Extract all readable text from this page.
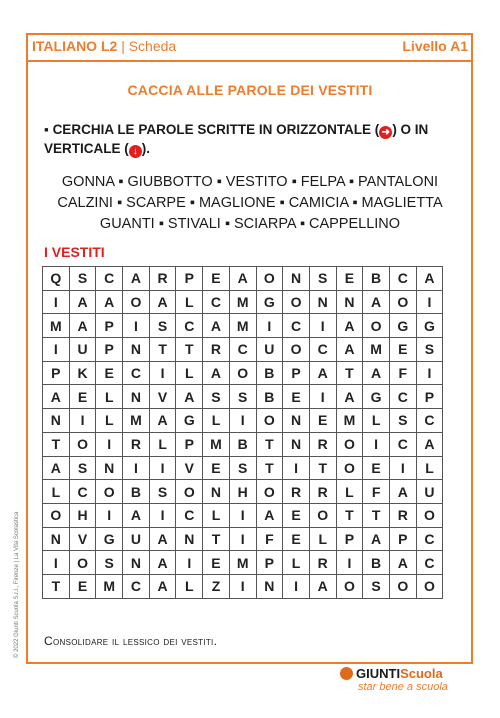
ITALIANO L2 | Scheda	Livello A1
CACCIA ALLE PAROLE DEI VESTITI
▪ CERCHIA LE PAROLE SCRITTE IN ORIZZONTALE ( ➜ ) O IN VERTICALE ( ↓ ).
GONNA ▪ GIUBBOTTO ▪ VESTITO ▪ FELPA ▪ PANTALONI
CALZINI ▪ SCARPE ▪ MAGLIONE ▪ CAMICIA ▪ MAGLIETTA
GUANTI ▪ STIVALI ▪ SCIARPA ▪ CAPPELLINO
I VESTITI
Q	S	C	A	R	P	E	A	O	N	S	E	B	C	A
I	A	A	O	A	L	C	M	G	O	N	N	A	O	I
M	A	P	I	S	C	A	M	I	C	I	A	O	G	G
I	U	P	N	T	T	R	C	U	O	C	A	M	E	S
P	K	E	C	I	L	A	O	B	P	A	T	A	F	I
A	E	L	N	V	A	S	S	B	E	I	A	G	C	P
N	I	L	M	A	G	L	I	O	N	E	M	L	S	C
T	O	I	R	L	P	M	B	T	N	R	O	I	C	A
A	S	N	I	I	V	E	S	T	I	T	O	E	I	L
L	C	O	B	S	O	N	H	O	R	R	L	F	A	U
O	H	I	A	I	C	L	I	A	E	O	T	T	R	O
N	V	G	U	A	N	T	I	F	E	L	P	A	P	C
I	O	S	N	A	I	E	M	P	L	R	I	B	A	C
T	E	M	C	A	L	Z	I	N	I	A	O	S	O	O
Consolidare il lessico dei vestiti.
© 2022 Giunti Scuola S.r.l., Firenze | La Vita Scolastica
GIUNTIScuola
star bene a scuola
